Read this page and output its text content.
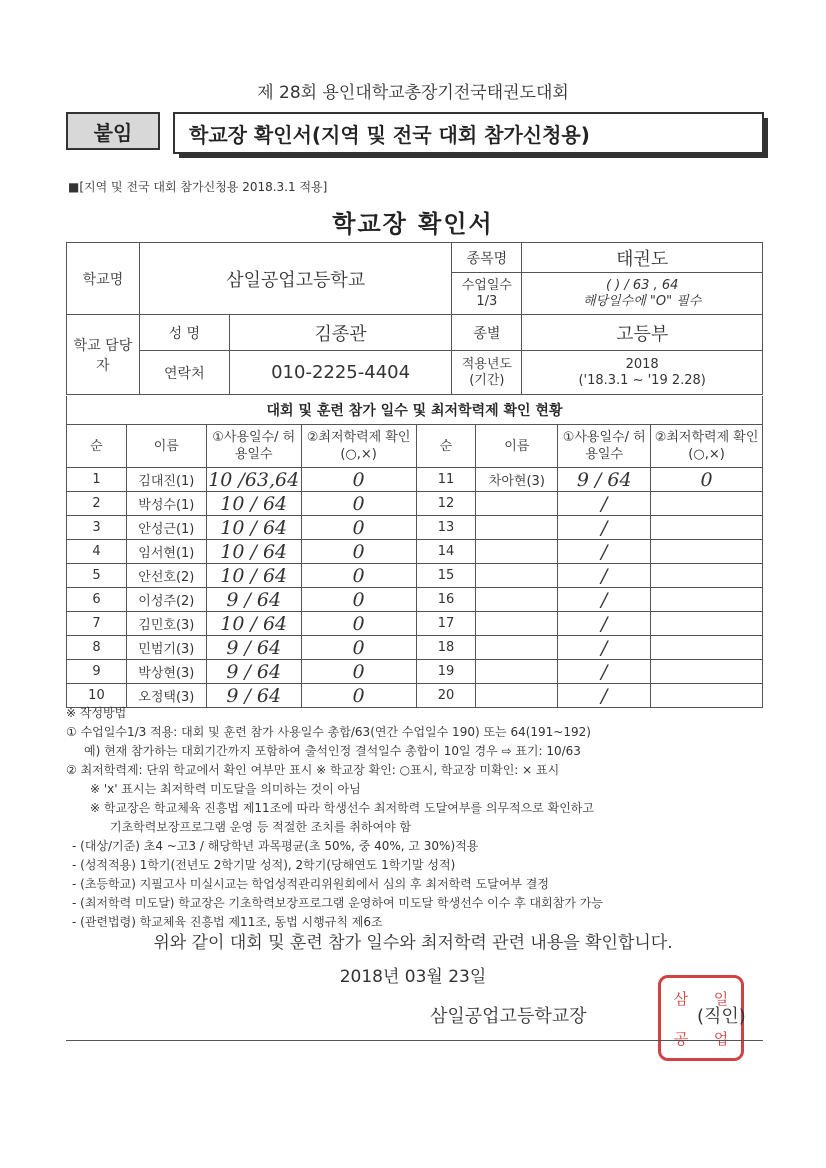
제 28회 용인대학교총장기전국태권도대회
붙임	학교장 확인서(지역 및 전국 대회 참가신청용)
■[지역 및 전국 대회 참가신청용 2018.3.1 적용]
학교장 확인서
학교명	삼일공업고등학교		종목명	태권도
			수업일수 1/3	( ) / 63 , 64
해당일수에 "O" 필수

학교 담당자	성 명	김종관	종별	고등부
	연락처	010-2225-4404	적용년도 (기간)	2018
('18.3.1 ~ '19 2.28)
대회 및 훈련 참가 일수 및 최저학력제 확인 현황
순	이름	①사용일수/ 허용일수	②최저학력제 확인(○,×)	순	이름	①사용일수/ 허용일수	②최저학력제 확인(○,×)
1	김대진(1)	10 /63,64	0	11	차아현(3)	9 / 64	0
2	박성수(1)	10 / 64	0	12		/	
3	안성근(1)	10 / 64	0	13		/	
4	임서현(1)	10 / 64	0	14		/	
5	안선호(2)	10 / 64	0	15		/	
6	이성주(2)	9 / 64	0	16		/	
7	김민호(3)	10 / 64	0	17		/	
8	민범기(3)	9 / 64	0	18		/	
9	박상현(3)	9 / 64	0	19		/	
10	오정택(3)	9 / 64	0	20		/	
※ 작성방법
① 수업일수1/3 적용: 대회 및 훈련 참가 사용일수 총합/63(연간 수업일수 190) 또는 64(191~192)
예) 현재 참가하는 대회기간까지 포함하여 출석인정 결석일수 총합이 10일 경우 ⇨ 표기: 10/63
② 최저학력제: 단위 학교에서 확인 여부만 표시 ※ 학교장 확인: ○표시, 학교장 미확인: × 표시
※ 'x' 표시는 최저학력 미도달을 의미하는 것이 아님
※ 학교장은 학교체육 진흥법 제11조에 따라 학생선수 최저학력 도달여부를 의무적으로 확인하고
기초학력보장프로그램 운영 등 적절한 조치를 취하여야 함
- (대상/기준) 초4 ~고3 / 해당학년 과목평균(초 50%, 중 40%, 고 30%)적용
- (성적적용) 1학기(전년도 2학기말 성적), 2학기(당해연도 1학기말 성적)
- (초등학교) 지필고사 미실시교는 학업성적관리위원회에서 심의 후 최저학력 도달여부 결정
- (최저학력 미도달) 학교장은 기초학력보장프로그램 운영하여 미도달 학생선수 이수 후 대회참가 가능
- (관련법령) 학교체육 진흥법 제11조, 동법 시행규칙 제6조
위와 같이 대회 및 훈련 참가 일수와 최저학력 관련 내용을 확인합니다.
2018년 03월 23일
삼	일
공	업
삼일공업고등학교장	(직인)
